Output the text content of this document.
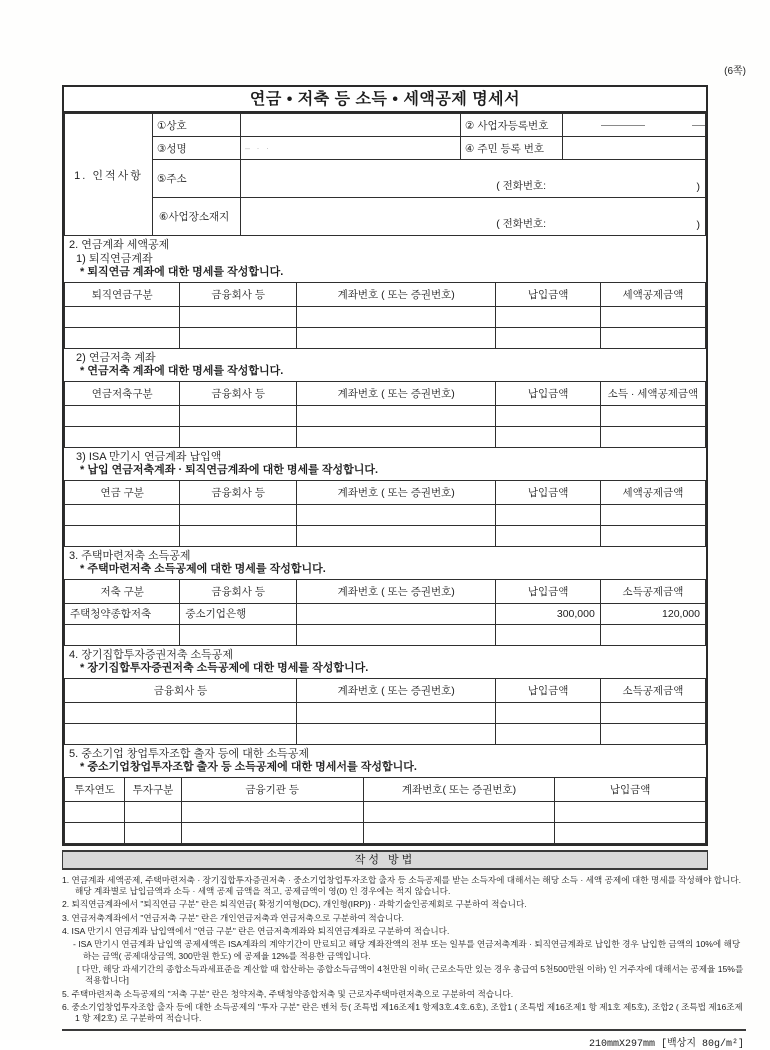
(6쪽)
연금 • 저축 등 소득 • 세액공제 명세서
1. 인적사항	①상호		② 사업자등록번호	

	③성명	– · ·	④ 주민 등록 번호	
	⑤주소	( 전화번호: )		

	⑥사업장소재지	( 전화번호: )		
2. 연금계좌 세액공제
1) 퇴직연금계좌
* 퇴직연금 계좌에 대한 명세를 작성합니다.
퇴직연금구분	금융회사 등	계좌번호 ( 또는 증권번호)	납입금액	세액공제금액

2) 연금저축 계좌
* 연금저축 계좌에 대한 명세를 작성합니다.
연금저축구분	금융회사 등	계좌번호 ( 또는 증권번호)	납입금액	소득 · 세액공제금액

3) ISA 만기시 연금계좌 납입액
* 납입 연금저축계좌 · 퇴직연금계좌에 대한 명세를 작성합니다.
연금 구분	금융회사 등	계좌번호 ( 또는 증권번호)	납입금액	세액공제금액

3. 주택마련저축 소득공제
* 주택마련저축 소득공제에 대한 명세를 작성합니다.
저축 구분	금융회사 등	계좌번호 ( 또는 증권번호)	납입금액	소득공제금액
주택청약종합저축	중소기업은행		300,000	120,000

4. 장기집합투자증권저축 소득공제
* 장기집합투자증권저축 소득공제에 대한 명세를 작성합니다.
금융회사 등	계좌번호 ( 또는 증권번호)	납입금액	소득공제금액

5. 중소기업 창업투자조합 출자 등에 대한 소득공제
* 중소기업창업투자조합 출자 등 소득공제에 대한 명세서를 작성합니다.
투자연도	투자구분	금융기관 등	계좌번호( 또는 증권번호)	납입금액

작성 방법

1. 연금계좌 세액공제, 주택마련저축 · 장기집합투자증권저축 · 중소기업창업투자조합 출자 등 소득공제를 받는 소득자에 대해서는 해당 소득 · 세액 공제에 대한 명세를 작성해야 합니다. 해당 계좌별로 납입금액과 소득 · 세액 공제 금액을 적고, 공제금액이 영(0) 인 경우에는 적지 않습니다.

2. 퇴직연금계좌에서 "퇴직연금 구분" 란은 퇴직연금{ 확정기여형(DC), 개인형(IRP)} · 과학기술인공제회로 구분하여 적습니다.

3. 연금저축계좌에서 "연금저축 구분" 란은 개인연금저축과 연금저축으로 구분하여 적습니다.

4. ISA 만기시 연금계좌 납입액에서 "연금 구분" 란은 연금저축계좌와 퇴직연금계좌로 구분하여 적습니다.

- ISA 만기시 연금계좌 납입액 공제세액은 ISA계좌의 계약기간이 만료되고 해당 계좌잔액의 전부 또는 일부를 연금저축계좌 · 퇴직연금계좌로 납입한 경우 납입한 금액의 10%에 해당하는 금액( 공제대상금액, 300만원 한도) 에 공제율 12%를 적용한 금액입니다.

[ 다만, 해당 과세기간의 종합소득과세표준을 계산할 때 합산하는 종합소득금액이 4천만원 이하( 근로소득만 있는 경우 총급여 5천500만원 이하) 인 거주자에 대해서는 공제율 15%를 적용합니다]

5. 주택마련저축 소득공제의 "저축 구분" 란은 청약저축, 주택청약종합저축 및 근로자주택마련저축으로 구분하여 적습니다.

6. 중소기업창업투자조합 출자 등에 대한 소득공제의 "투자 구분" 란은 벤처 등( 조특법 제16조제1 항제3호.4호.6호), 조합1 ( 조특법 제16조제1 항 제1호 제5호), 조합2 ( 조특법 제16조제1 항 제2호) 로 구분하여 적습니다.

210mmX297mm [백상지 80g/m²]
